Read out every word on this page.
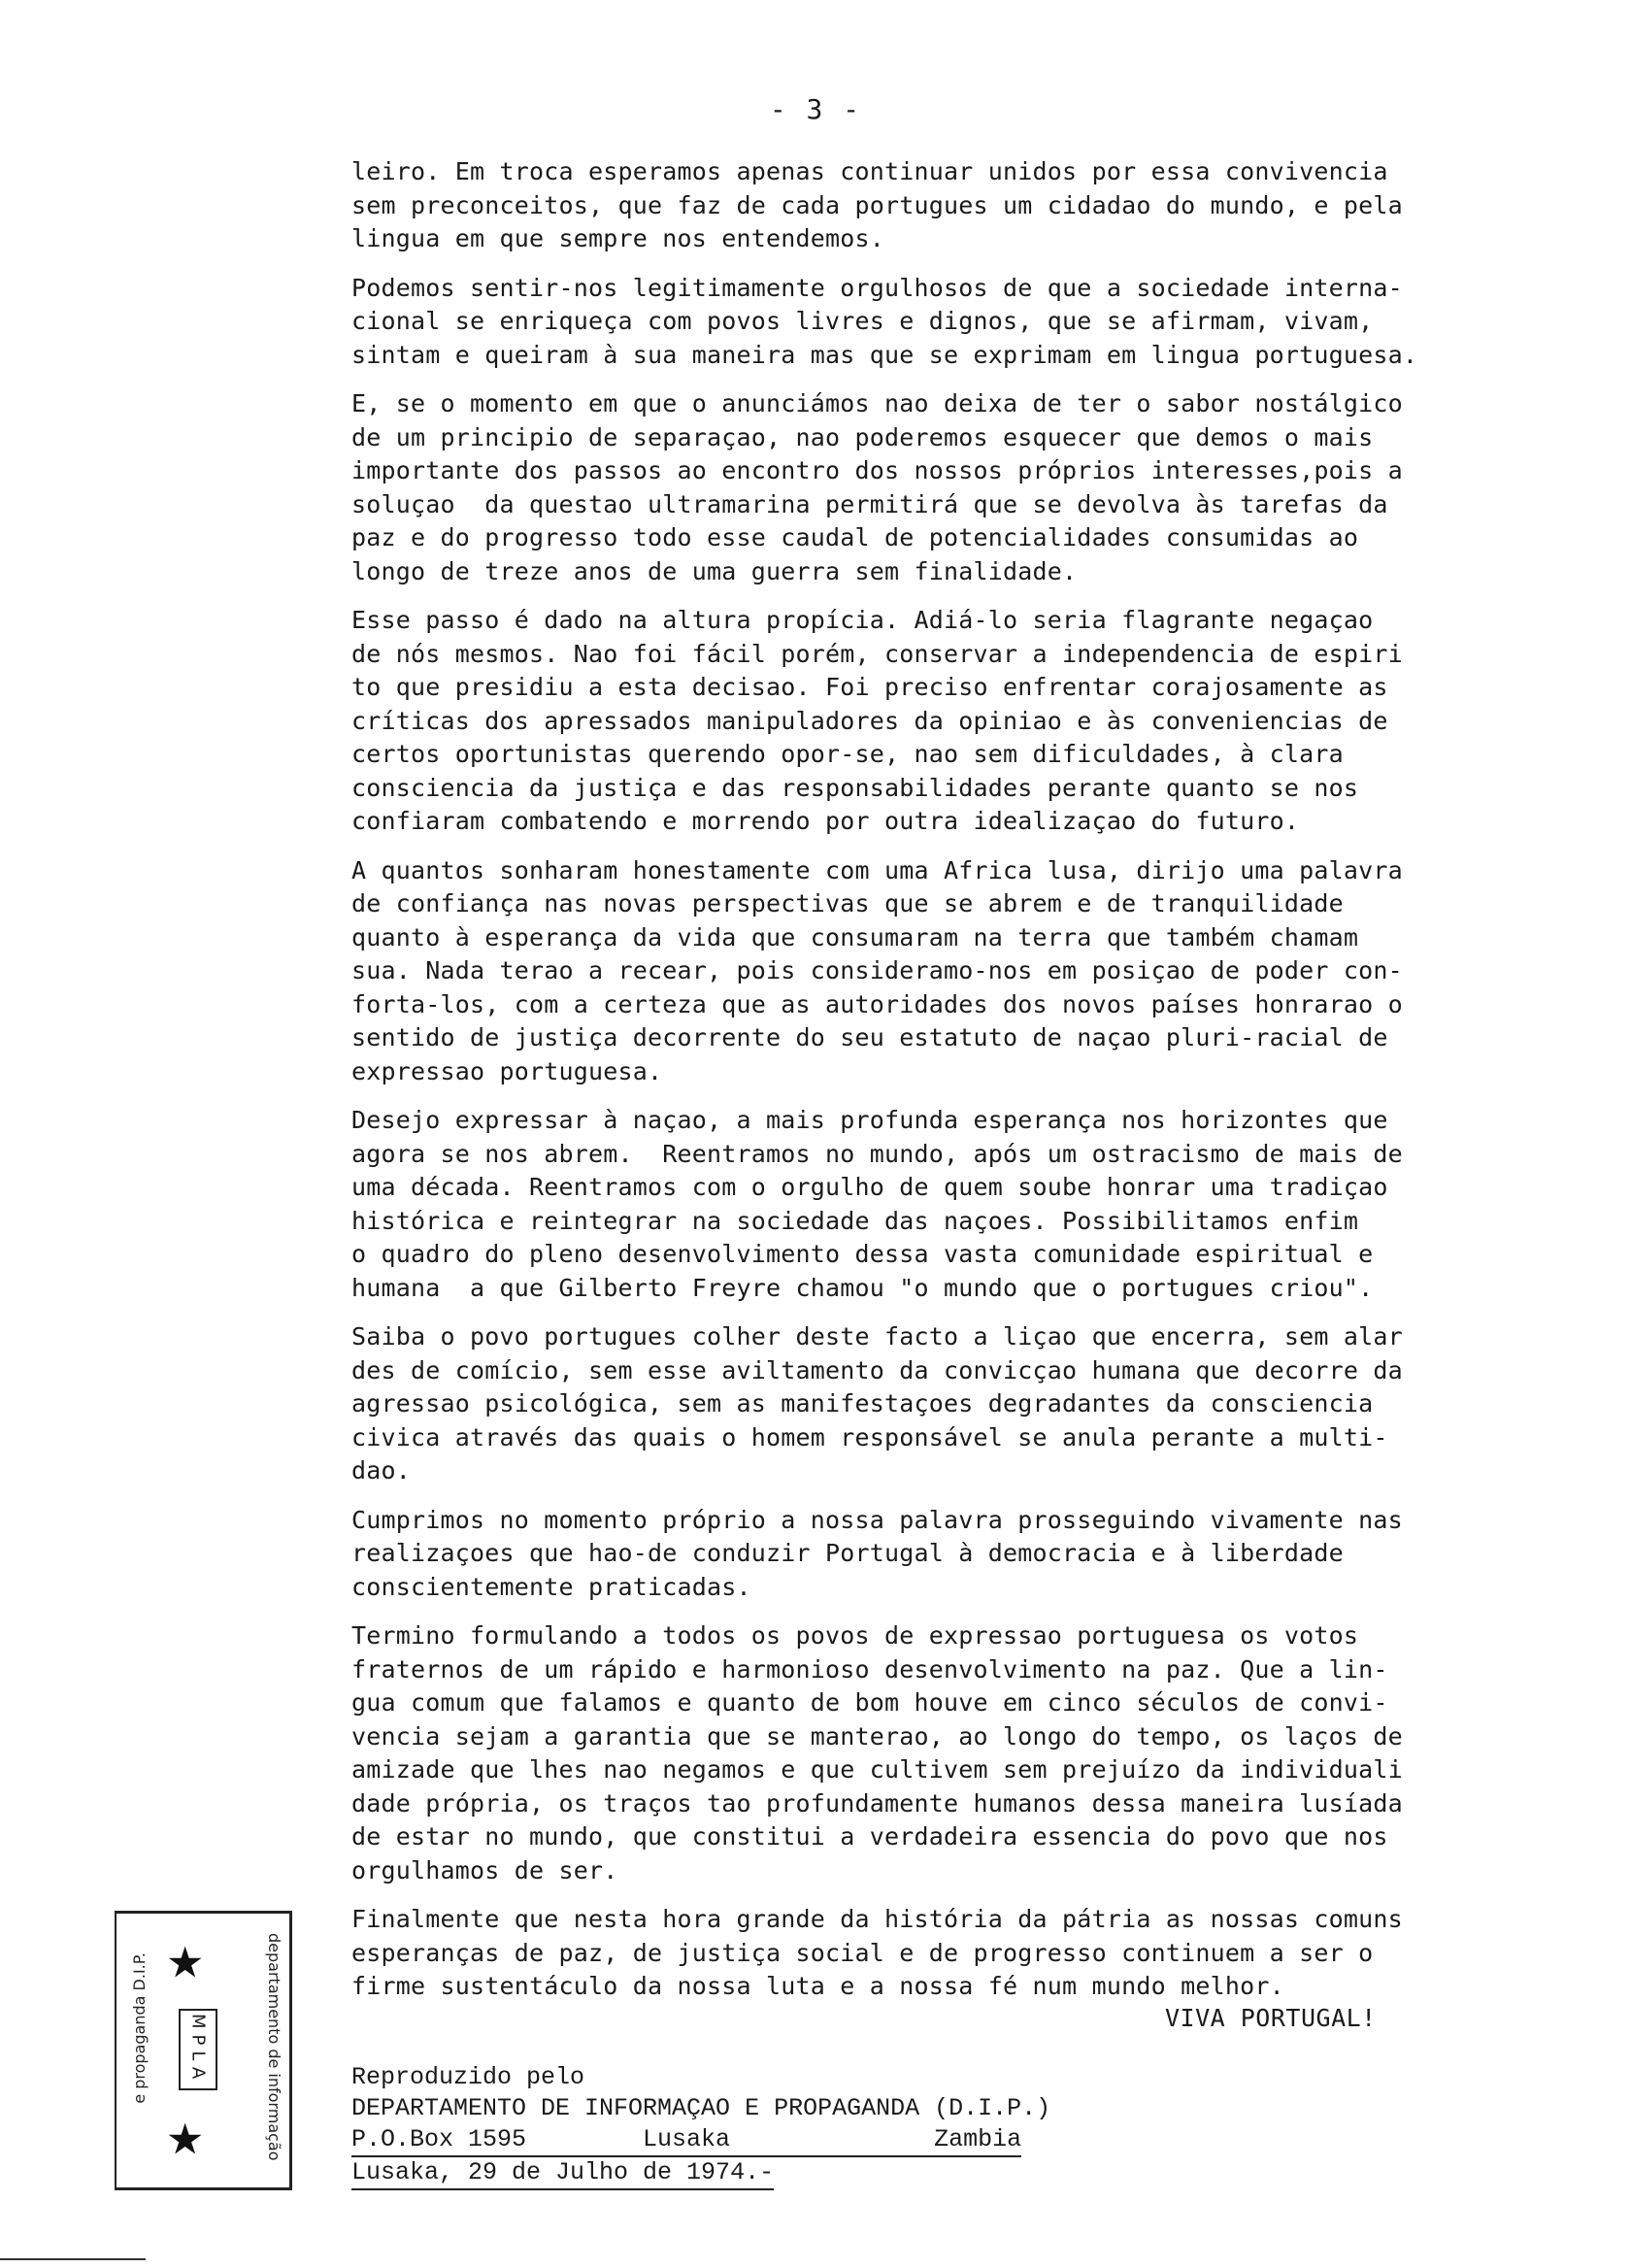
- 3 -

leiro. Em troca esperamos apenas continuar unidos por essa convivencia
sem preconceitos, que faz de cada portugues um cidadao do mundo, e pela
lingua em que sempre nos entendemos.

Podemos sentir-nos legitimamente orgulhosos de que a sociedade interna-
cional se enriqueça com povos livres e dignos, que se afirmam, vivam,
sintam e queiram à sua maneira mas que se exprimam em lingua portuguesa.

E, se o momento em que o anunciámos nao deixa de ter o sabor nostálgico
de um principio de separaçao, nao poderemos esquecer que demos o mais
importante dos passos ao encontro dos nossos próprios interesses,pois a
soluçao  da questao ultramarina permitirá que se devolva às tarefas da
paz e do progresso todo esse caudal de potencialidades consumidas ao
longo de treze anos de uma guerra sem finalidade.

Esse passo é dado na altura propícia. Adiá-lo seria flagrante negaçao
de nós mesmos. Nao foi fácil porém, conservar a independencia de espiri
to que presidiu a esta decisao. Foi preciso enfrentar corajosamente as
críticas dos apressados manipuladores da opiniao e às conveniencias de
certos oportunistas querendo opor-se, nao sem dificuldades, à clara
consciencia da justiça e das responsabilidades perante quanto se nos
confiaram combatendo e morrendo por outra idealizaçao do futuro.

A quantos sonharam honestamente com uma Africa lusa, dirijo uma palavra
de confiança nas novas perspectivas que se abrem e de tranquilidade
quanto à esperança da vida que consumaram na terra que também chamam
sua. Nada terao a recear, pois consideramo-nos em posiçao de poder con-
forta-los, com a certeza que as autoridades dos novos países honrarao o
sentido de justiça decorrente do seu estatuto de naçao pluri-racial de
expressao portuguesa.

Desejo expressar à naçao, a mais profunda esperança nos horizontes que
agora se nos abrem.  Reentramos no mundo, após um ostracismo de mais de
uma década. Reentramos com o orgulho de quem soube honrar uma tradiçao
histórica e reintegrar na sociedade das naçoes. Possibilitamos enfim
o quadro do pleno desenvolvimento dessa vasta comunidade espiritual e
humana  a que Gilberto Freyre chamou "o mundo que o portugues criou".

Saiba o povo portugues colher deste facto a liçao que encerra, sem alar
des de comício, sem esse aviltamento da convicçao humana que decorre da
agressao psicológica, sem as manifestaçoes degradantes da consciencia
civica através das quais o homem responsável se anula perante a multi-
dao.

Cumprimos no momento próprio a nossa palavra prosseguindo vivamente nas
realizaçoes que hao-de conduzir Portugal à democracia e à liberdade
conscientemente praticadas.

Termino formulando a todos os povos de expressao portuguesa os votos
fraternos de um rápido e harmonioso desenvolvimento na paz. Que a lin-
gua comum que falamos e quanto de bom houve em cinco séculos de convi-
vencia sejam a garantia que se manterao, ao longo do tempo, os laços de
amizade que lhes nao negamos e que cultivem sem prejuízo da individuali
dade própria, os traços tao profundamente humanos dessa maneira lusíada
de estar no mundo, que constitui a verdadeira essencia do povo que nos
orgulhamos de ser.

Finalmente que nesta hora grande da história da pátria as nossas comuns
esperanças de paz, de justiça social e de progresso continuem a ser o
firme sustentáculo da nossa luta e a nossa fé num mundo melhor.

VIVA PORTUGAL!
Reproduzido pelo
DEPARTAMENTO DE INFORMAÇAO E PROPAGANDA (D.I.P.)
P.O.Box 1595        Lusaka              Zambia
Lusaka, 29 de Julho de 1974.-
e propaganda D.I.P.	departamento de informação
★
MPLA
★
